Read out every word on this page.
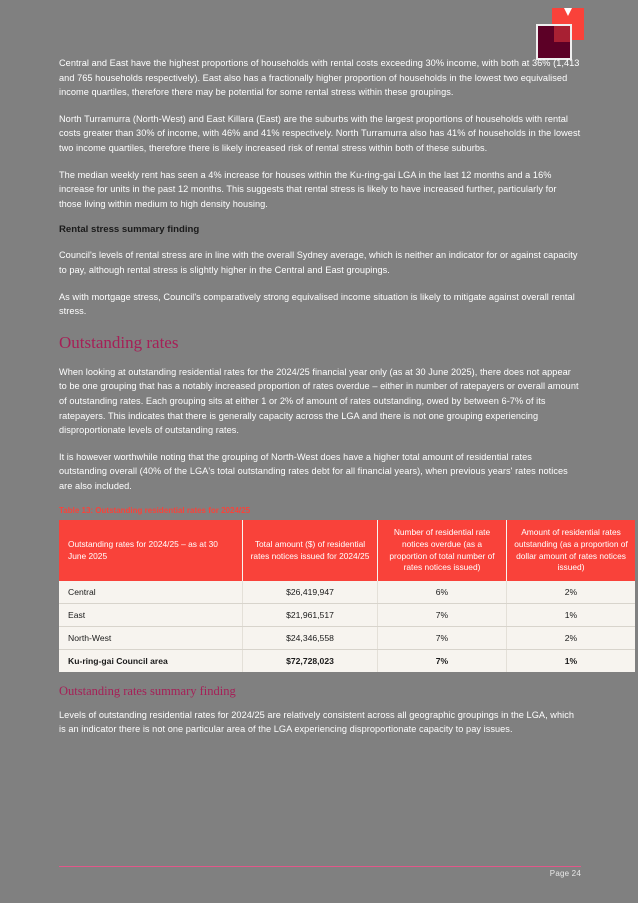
Central and East have the highest proportions of households with rental costs exceeding 30% income, with both at 36% (1,413 and 765 households respectively). East also has a fractionally higher proportion of households in the lowest two equivalised income quartiles, therefore there may be potential for some rental stress within these groupings.

North Turramurra (North-West) and East Killara (East) are the suburbs with the largest proportions of households with rental costs greater than 30% of income, with 46% and 41% respectively. North Turramurra also has 41% of households in the lowest two income quartiles, therefore there is likely increased risk of rental stress within both of these suburbs.

The median weekly rent has seen a 4% increase for houses within the Ku-ring-gai LGA in the last 12 months and a 16% increase for units in the past 12 months. This suggests that rental stress is likely to have increased further, particularly for those living within medium to high density housing.

Rental stress summary finding

Council's levels of rental stress are in line with the overall Sydney average, which is neither an indicator for or against capacity to pay, although rental stress is slightly higher in the Central and East groupings.

As with mortgage stress, Council's comparatively strong equivalised income situation is likely to mitigate against overall rental stress.

Outstanding rates

When looking at outstanding residential rates for the 2024/25 financial year only (as at 30 June 2025), there does not appear to be one grouping that has a notably increased proportion of rates overdue – either in number of ratepayers or overall amount of outstanding rates. Each grouping sits at either 1 or 2% of amount of rates outstanding, owed by between 6-7% of its ratepayers. This indicates that there is generally capacity across the LGA and there is not one grouping experiencing disproportionate levels of outstanding rates.

It is however worthwhile noting that the grouping of North-West does have a higher total amount of residential rates outstanding overall (40% of the LGA's total outstanding rates debt for all financial years), when previous years' rates notices are also included.

Table 13: Outstanding residential rates for 2024/25
Outstanding rates for 2024/25 – as at 30 June 2025	Total amount ($) of residential rates notices issued for 2024/25	Number of residential rate notices overdue (as a proportion of total number of rates notices issued)	Amount of residential rates outstanding (as a proportion of dollar amount of rates notices issued)
Central	$26,419,947	6%	2%
East	$21,961,517	7%	1%
North-West	$24,346,558	7%	2%
Ku-ring-gai Council area	$72,728,023	7%	1%
Outstanding rates summary finding

Levels of outstanding residential rates for 2024/25 are relatively consistent across all geographic groupings in the LGA, which is an indicator there is not one particular area of the LGA experiencing disproportionate capacity to pay issues.

Page 24
